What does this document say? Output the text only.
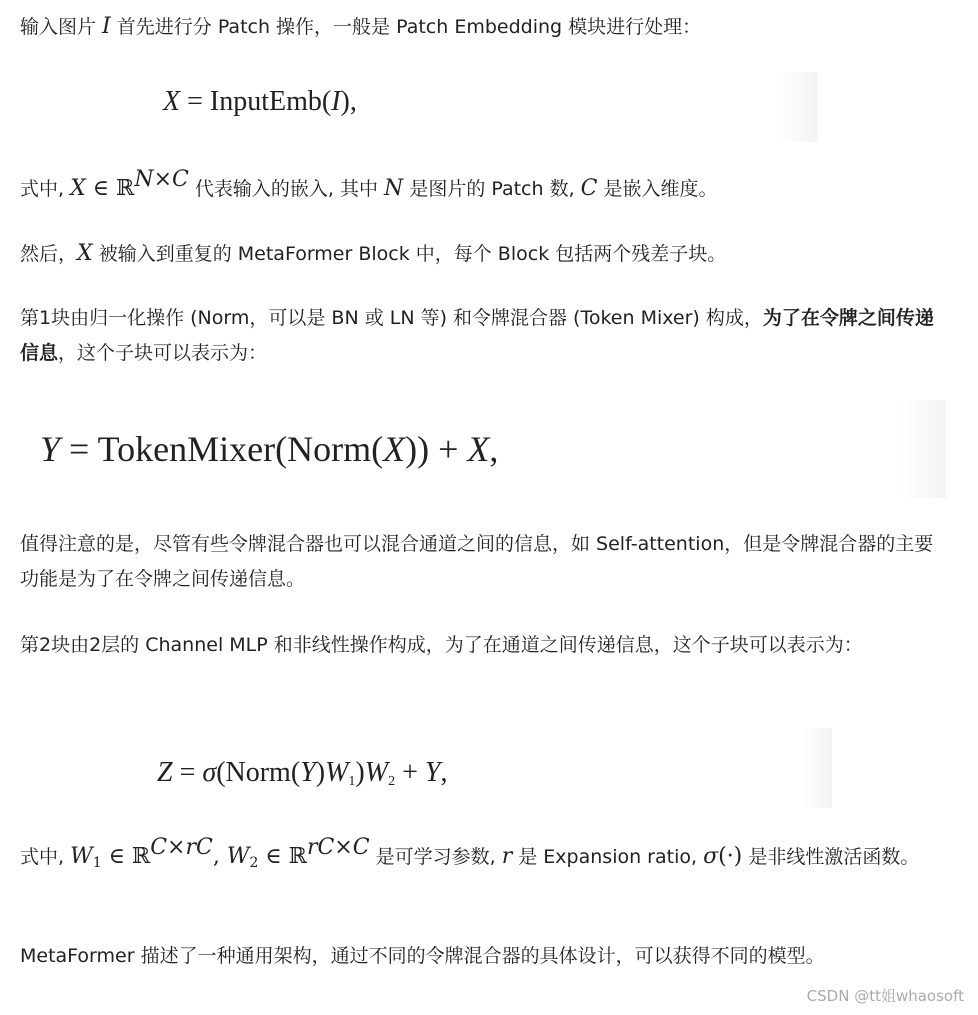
输入图片 I 首先进行分 Patch 操作，一般是 Patch Embedding 模块进行处理：
X = InputEmb(I),
式中, X ∈ ℝ$^{N\times C}$ 代表输入的嵌入, 其中 N 是图片的 Patch 数, C 是嵌入维度。
然后，X 被输入到重复的 MetaFormer Block 中，每个 Block 包括两个残差子块。
第1块由归一化操作 (Norm，可以是 BN 或 LN 等) 和令牌混合器 (Token Mixer) 构成，为了在令牌之间传递信息，这个子块可以表示为：
Y = TokenMixer(Norm(X)) + X,
值得注意的是，尽管有些令牌混合器也可以混合通道之间的信息，如 Self-attention，但是令牌混合器的主要功能是为了在令牌之间传递信息。
第2块由2层的 Channel MLP 和非线性操作构成，为了在通道之间传递信息，这个子块可以表示为：
$Z = \sigma(Norm(Y)W_1)W_2 + Y$,
式中, $W_1$ ∈ ℝ$^{C\times rC}$, $W_2$ ∈ ℝ$^{rC\times C}$ 是可学习参数, r 是 Expansion ratio, σ(·) 是非线性激活函数。
MetaFormer 描述了一种通用架构，通过不同的令牌混合器的具体设计，可以获得不同的模型。
CSDN @tt姐whaosoft
